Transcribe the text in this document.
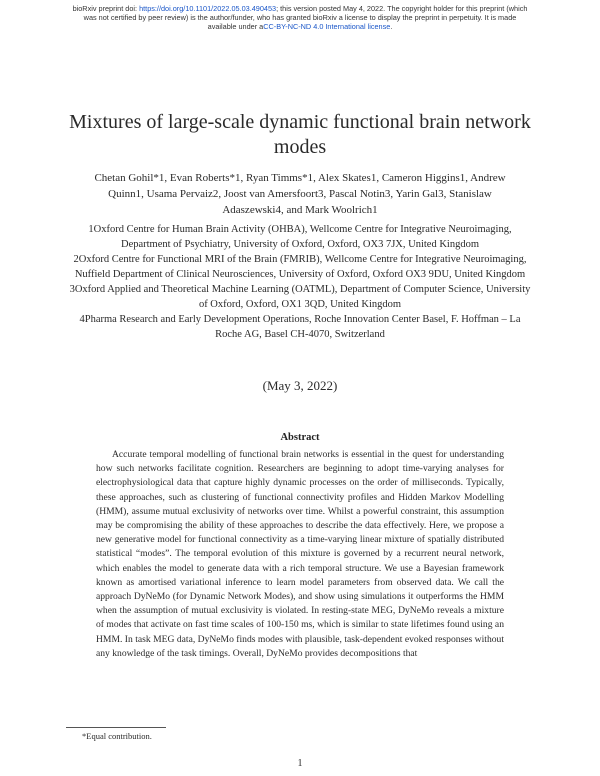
bioRxiv preprint doi: https://doi.org/10.1101/2022.05.03.490453; this version posted May 4, 2022. The copyright holder for this preprint (which
was not certified by peer review) is the author/funder, who has granted bioRxiv a license to display the preprint in perpetuity. It is made
available under aCC-BY-NC-ND 4.0 International license.
Mixtures of large-scale dynamic functional brain network modes
Chetan Gohil*1, Evan Roberts*1, Ryan Timms*1, Alex Skates1, Cameron Higgins1, Andrew Quinn1, Usama Pervaiz2, Joost van Amersfoort3, Pascal Notin3, Yarin Gal3, Stanislaw Adaszewski4, and Mark Woolrich1

1Oxford Centre for Human Brain Activity (OHBA), Wellcome Centre for Integrative Neuroimaging, Department of Psychiatry, University of Oxford, Oxford, OX3 7JX, United Kingdom

2Oxford Centre for Functional MRI of the Brain (FMRIB), Wellcome Centre for Integrative Neuroimaging, Nuffield Department of Clinical Neurosciences, University of Oxford, Oxford OX3 9DU, United Kingdom

3Oxford Applied and Theoretical Machine Learning (OATML), Department of Computer Science, University of Oxford, Oxford, OX1 3QD, United Kingdom

4Pharma Research and Early Development Operations, Roche Innovation Center Basel, F. Hoffman – La Roche AG, Basel CH-4070, Switzerland

(May 3, 2022)
Abstract
Accurate temporal modelling of functional brain networks is essential in the quest for understanding how such networks facilitate cognition. Researchers are beginning to adopt time-varying analyses for electrophysiological data that capture highly dynamic processes on the order of milliseconds. Typically, these approaches, such as clustering of functional connectivity profiles and Hidden Markov Modelling (HMM), assume mutual exclusivity of networks over time. Whilst a powerful constraint, this assumption may be compromising the ability of these approaches to describe the data effectively. Here, we propose a new generative model for functional connectivity as a time-varying linear mixture of spatially distributed statistical “modes”. The temporal evolution of this mixture is governed by a recurrent neural network, which enables the model to generate data with a rich temporal structure. We use a Bayesian framework known as amortised variational inference to learn model parameters from observed data. We call the approach DyNeMo (for Dynamic Network Modes), and show using simulations it outperforms the HMM when the assumption of mutual exclusivity is violated. In resting-state MEG, DyNeMo reveals a mixture of modes that activate on fast time scales of 100-150 ms, which is similar to state lifetimes found using an HMM. In task MEG data, DyNeMo finds modes with plausible, task-dependent evoked responses without any knowledge of the task timings. Overall, DyNeMo provides decompositions that
*Equal contribution.
1
